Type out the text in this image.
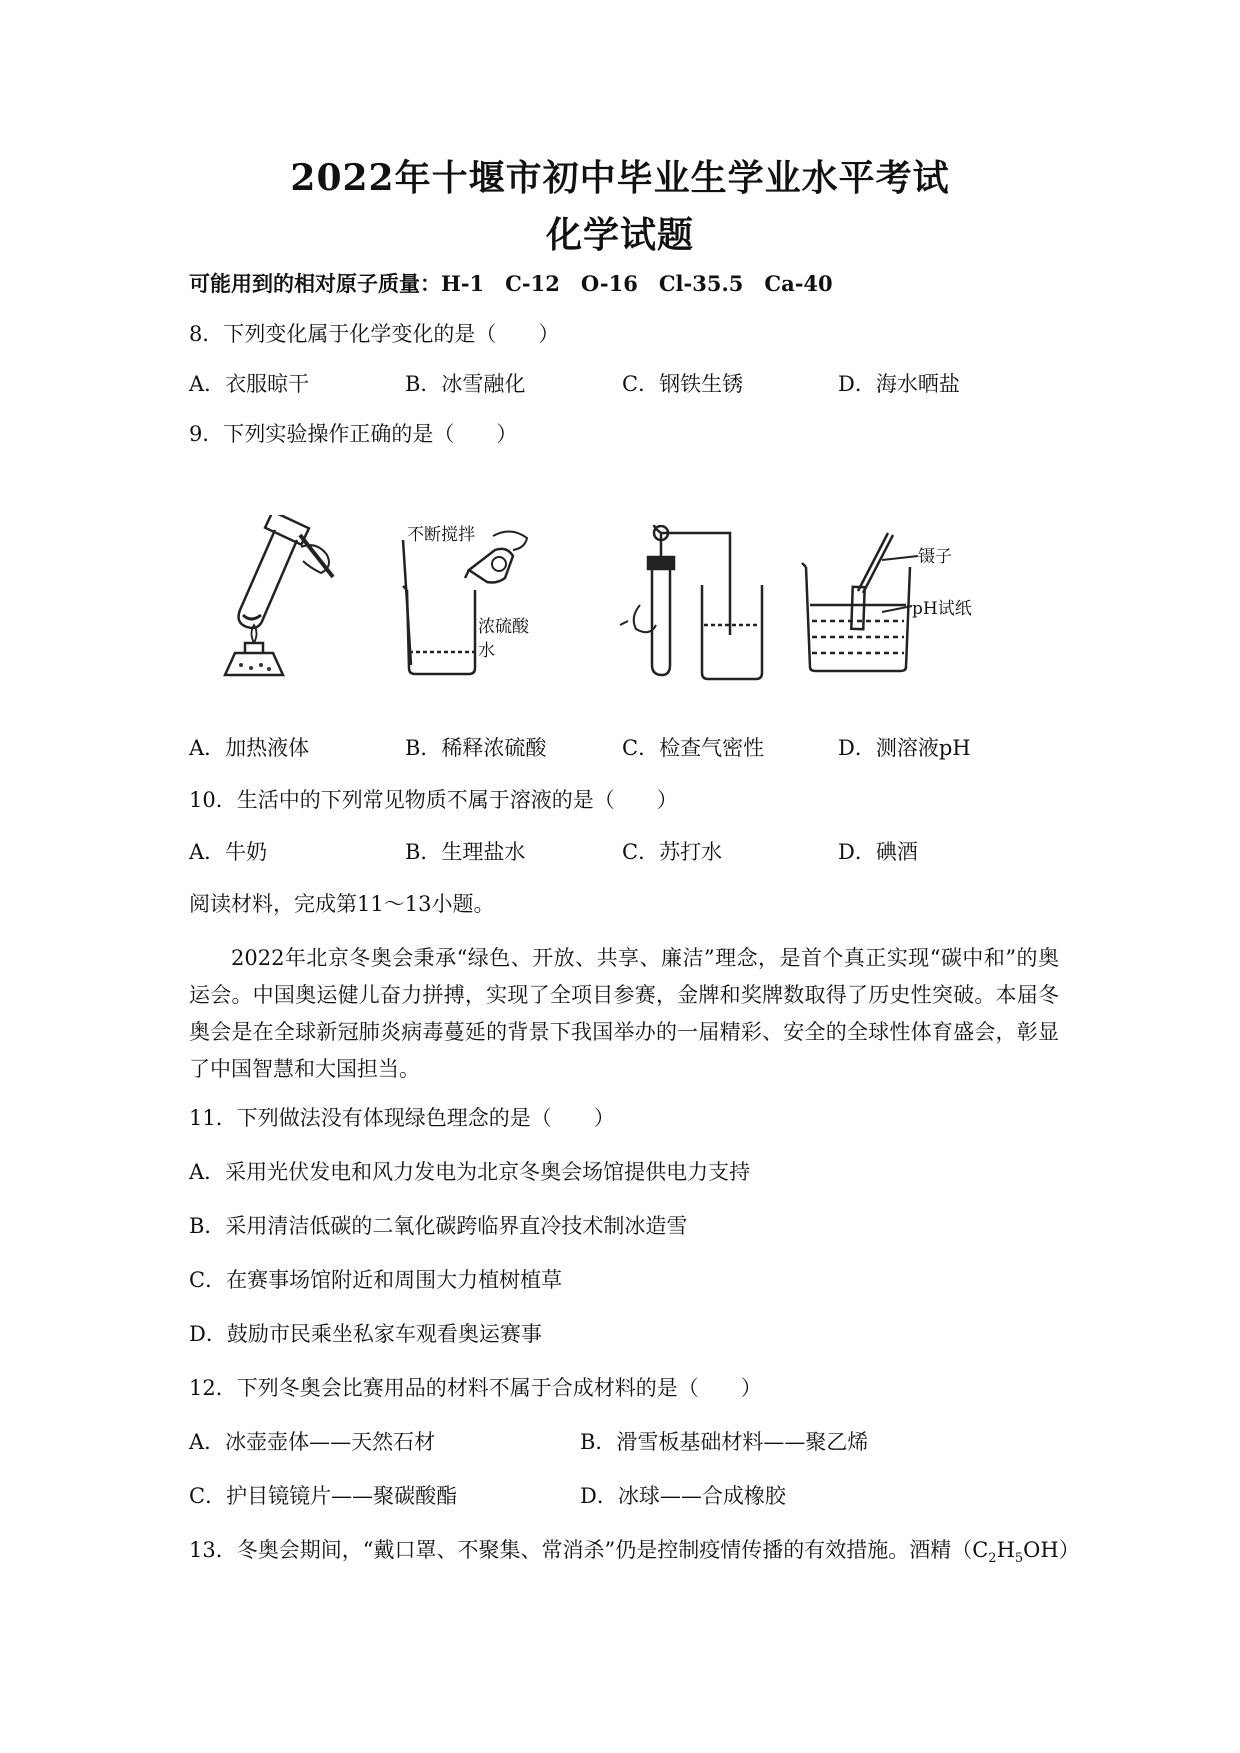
2022年十堰市初中毕业生学业水平考试
化学试题
可能用到的相对原子质量：H-1　C-12　O-16　Cl-35.5　Ca-40
8．下列变化属于化学变化的是（　　）
A．衣服晾干	B．冰雪融化	C．钢铁生锈	D．海水晒盐
9．下列实验操作正确的是（　　）
不断搅拌
浓硫酸
水
镊子
pH试纸
A．加热液体	B．稀释浓硫酸	C．检查气密性	D．测溶液pH
10．生活中的下列常见物质不属于溶液的是（　　）
A．牛奶	B．生理盐水	C．苏打水	D．碘酒
阅读材料，完成第11～13小题。
2022年北京冬奥会秉承“绿色、开放、共享、廉洁”理念，是首个真正实现“碳中和”的奥运会。中国奥运健儿奋力拼搏，实现了全项目参赛，金牌和奖牌数取得了历史性突破。本届冬奥会是在全球新冠肺炎病毒蔓延的背景下我国举办的一届精彩、安全的全球性体育盛会，彰显了中国智慧和大国担当。
11．下列做法没有体现绿色理念的是（　　）
A．采用光伏发电和风力发电为北京冬奥会场馆提供电力支持
B．采用清洁低碳的二氧化碳跨临界直冷技术制冰造雪
C．在赛事场馆附近和周围大力植树植草
D．鼓励市民乘坐私家车观看奥运赛事
12．下列冬奥会比赛用品的材料不属于合成材料的是（　　）
A．冰壶壶体——天然石材	B．滑雪板基础材料——聚乙烯
C．护目镜镜片——聚碳酸酯	D．冰球——合成橡胶
13．冬奥会期间，“戴口罩、不聚集、常消杀”仍是控制疫情传播的有效措施。酒精$(C_2H_5OH)$
